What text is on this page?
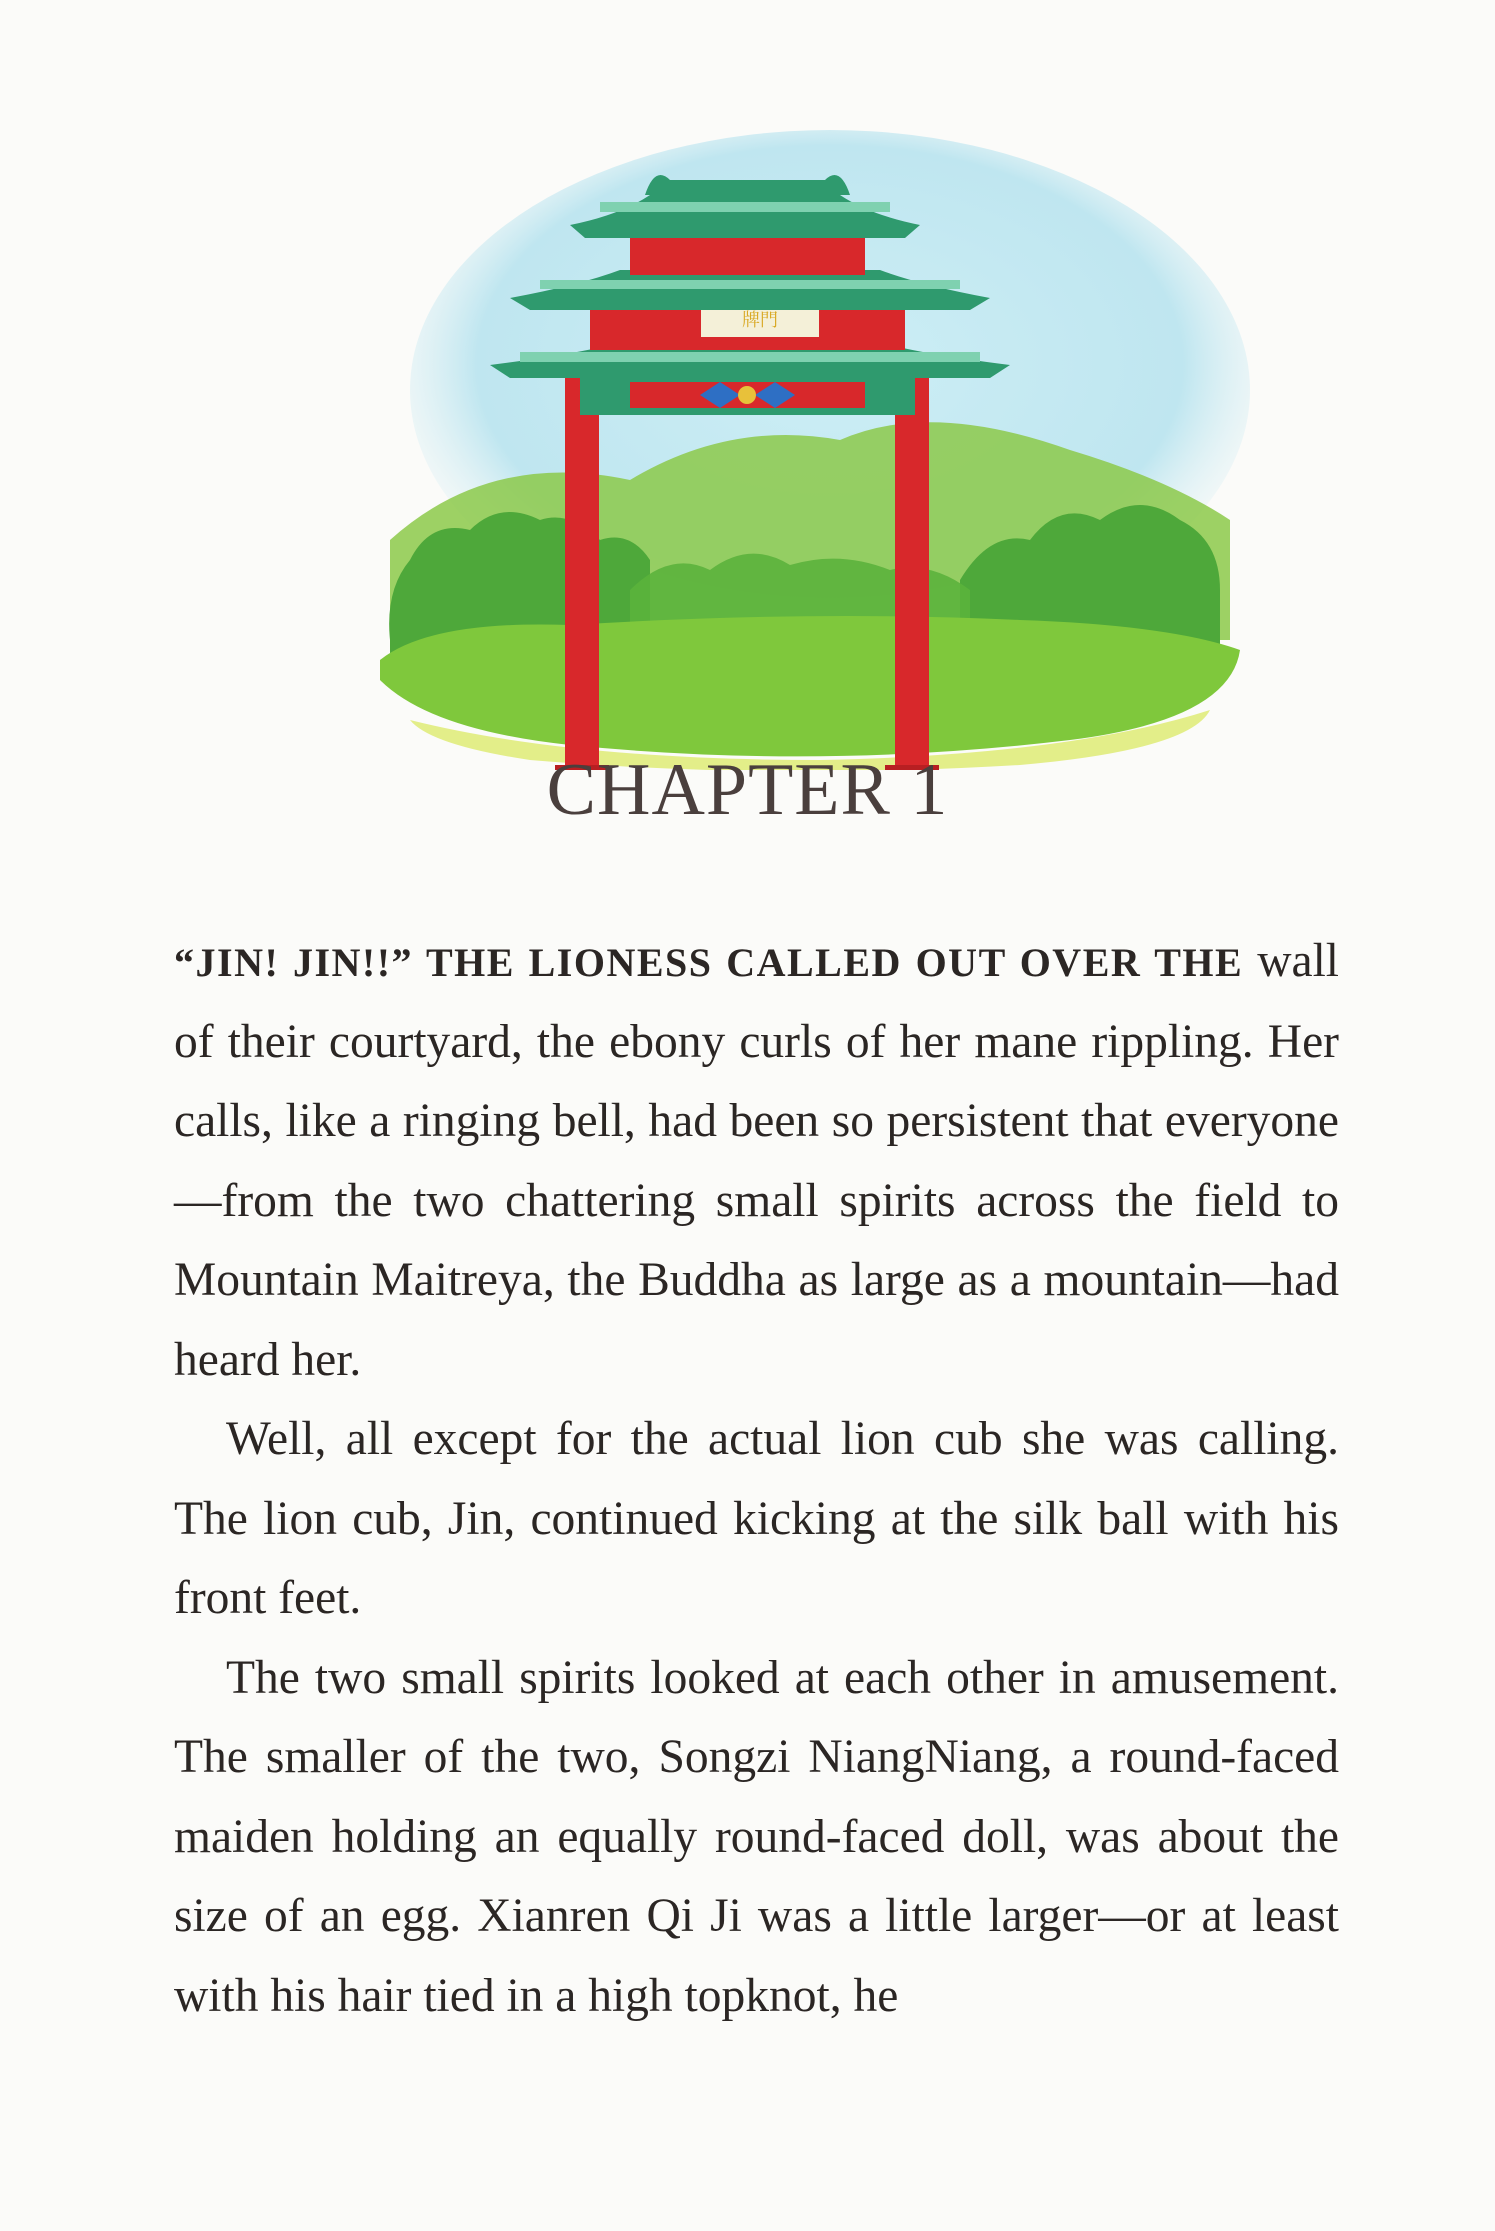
牌門
CHAPTER 1

“JIN! JIN!!” THE LIONESS CALLED OUT OVER THE wall of their courtyard, the ebony curls of her mane rippling. Her calls, like a ringing bell, had been so persistent that everyone—from the two chattering small spirits across the field to Mountain Maitreya, the Buddha as large as a mountain—had heard her.

Well, all except for the actual lion cub she was calling. The lion cub, Jin, continued kicking at the silk ball with his front feet.

The two small spirits looked at each other in amusement. The smaller of the two, Songzi NiangNiang, a round-faced maiden holding an equally round-faced doll, was about the size of an egg. Xianren Qi Ji was a little larger—or at least with his hair tied in a high topknot, he
